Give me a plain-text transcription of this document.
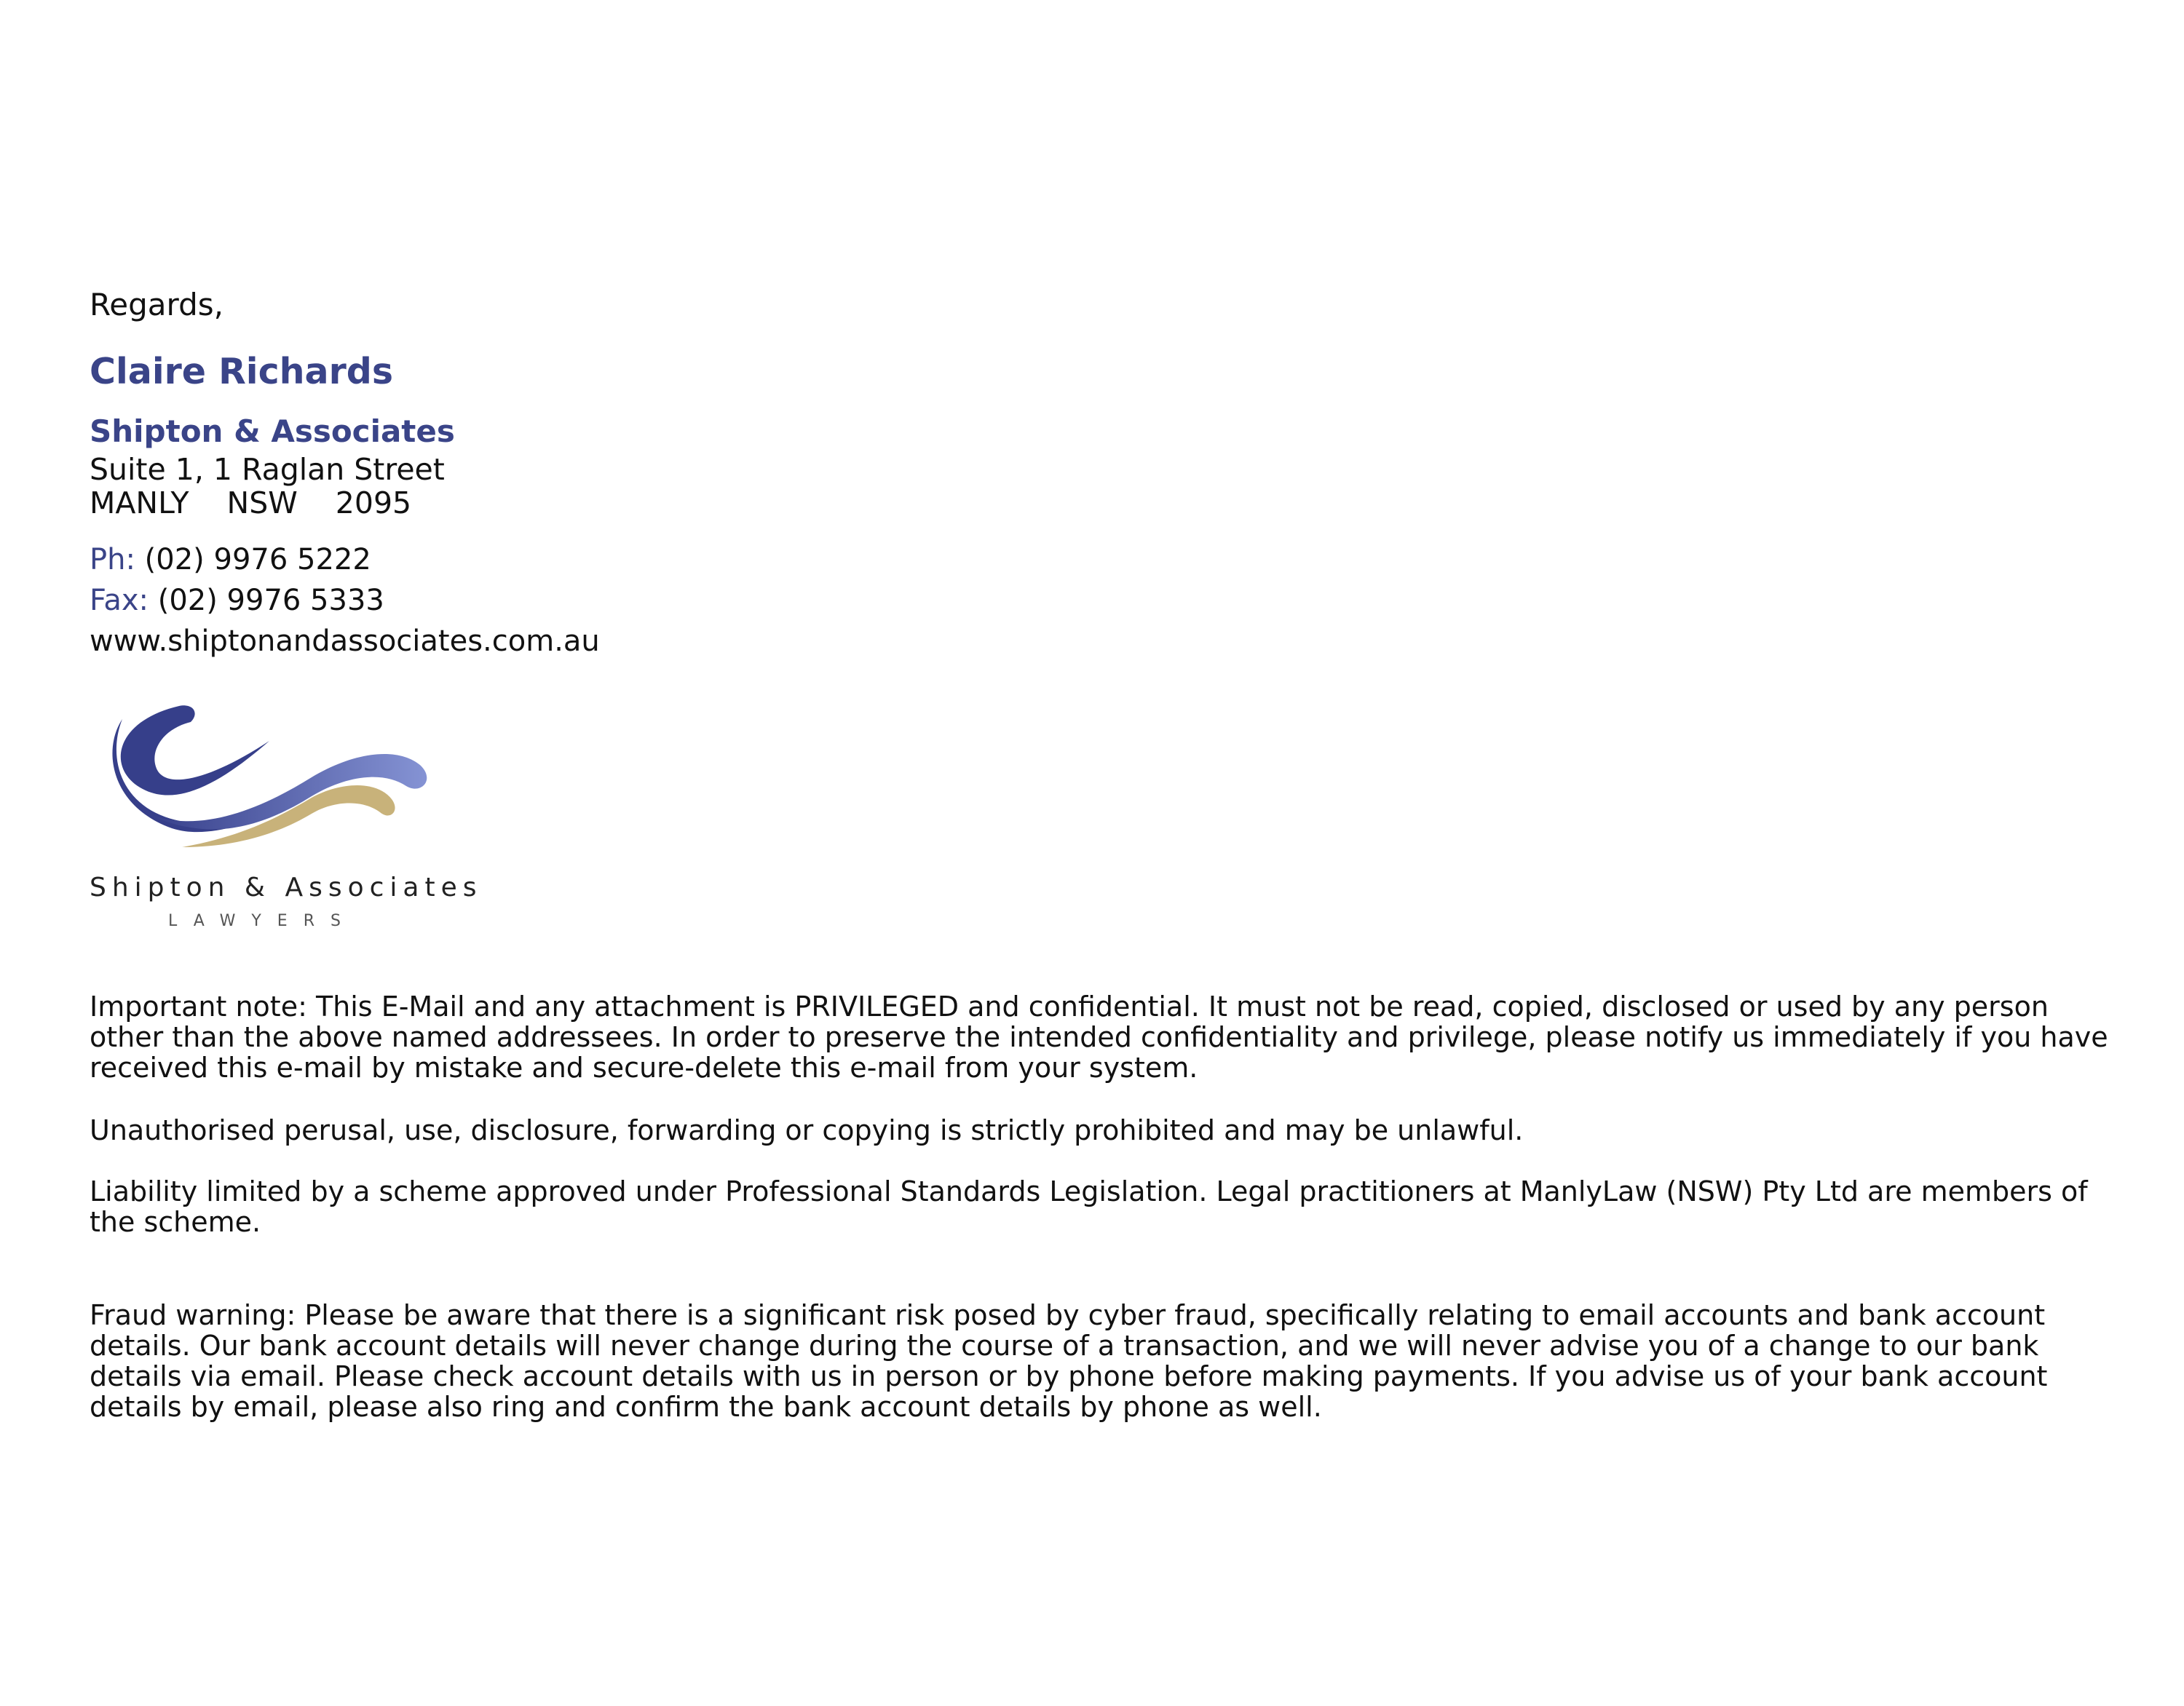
Regards,
Claire Richards
Shipton & Associates
Suite 1, 1 Raglan Street
MANLY NSW 2095
Ph: (02) 9976 5222
Fax: (02) 9976 5333
www.shiptonandassociates.com.au
Shipton & Associates
LAWYERS
Important note: This E-Mail and any attachment is PRIVILEGED and confidential. It must not be read, copied, disclosed or used by any person other than the above named addressees. In order to preserve the intended confidentiality and privilege, please notify us immediately if you have received this e-mail by mistake and secure-delete this e-mail from your system.
Unauthorised perusal, use, disclosure, forwarding or copying is strictly prohibited and may be unlawful.
Liability limited by a scheme approved under Professional Standards Legislation. Legal practitioners at ManlyLaw (NSW) Pty Ltd are members of the scheme.
Fraud warning: Please be aware that there is a significant risk posed by cyber fraud, specifically relating to email accounts and bank account details. Our bank account details will never change during the course of a transaction, and we will never advise you of a change to our bank details via email. Please check account details with us in person or by phone before making payments. If you advise us of your bank account details by email, please also ring and confirm the bank account details by phone as well.
